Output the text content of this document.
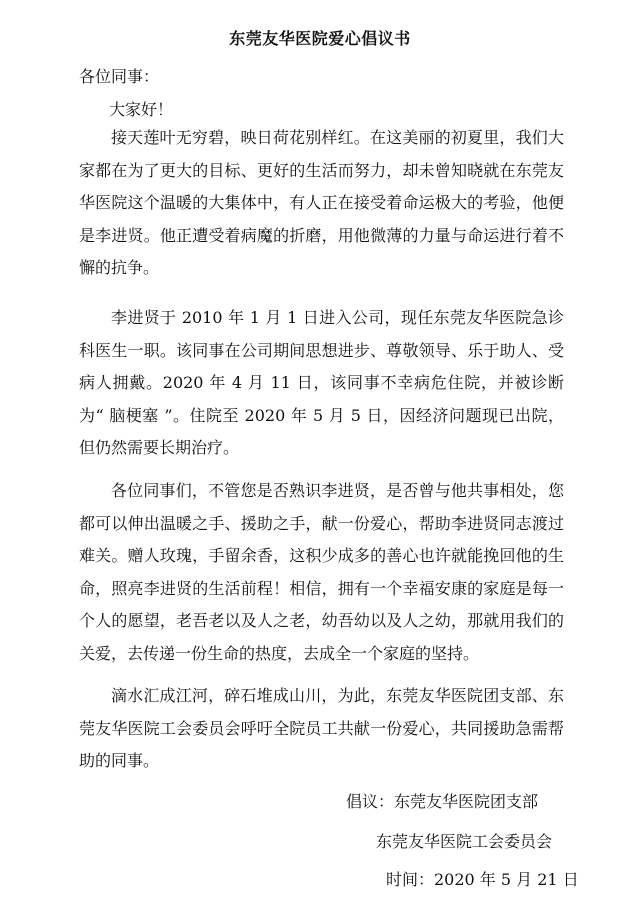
东莞友华医院爱心倡议书
各位同事：
大家好！

接天莲叶无穷碧，映日荷花别样红。在这美丽的初夏里，我们大家都在为了更大的目标、更好的生活而努力，却未曾知晓就在东莞友华医院这个温暖的大集体中，有人正在接受着命运极大的考验，他便是李进贤。他正遭受着病魔的折磨，用他微薄的力量与命运进行着不懈的抗争。

李进贤于 2010 年 1 月 1 日进入公司，现任东莞友华医院急诊科医生一职。该同事在公司期间思想进步、尊敬领导、乐于助人、受病人拥戴。2020 年 4 月 11 日，该同事不幸病危住院，并被诊断为“ 脑梗塞 ”。住院至 2020 年 5 月 5 日，因经济问题现已出院，但仍然需要长期治疗。

各位同事们，不管您是否熟识李进贤，是否曾与他共事相处，您都可以伸出温暖之手、援助之手，献一份爱心，帮助李进贤同志渡过难关。赠人玫瑰，手留余香，这积少成多的善心也许就能挽回他的生命，照亮李进贤的生活前程！相信，拥有一个幸福安康的家庭是每一个人的愿望，老吾老以及人之老，幼吾幼以及人之幼，那就用我们的关爱，去传递一份生命的热度，去成全一个家庭的坚持。

滴水汇成江河，碎石堆成山川，为此，东莞友华医院团支部、东莞友华医院工会委员会呼吁全院员工共献一份爱心，共同援助急需帮助的同事。

倡议：东莞友华医院团支部
东莞友华医院工会委员会
时间：2020 年 5 月 21 日
